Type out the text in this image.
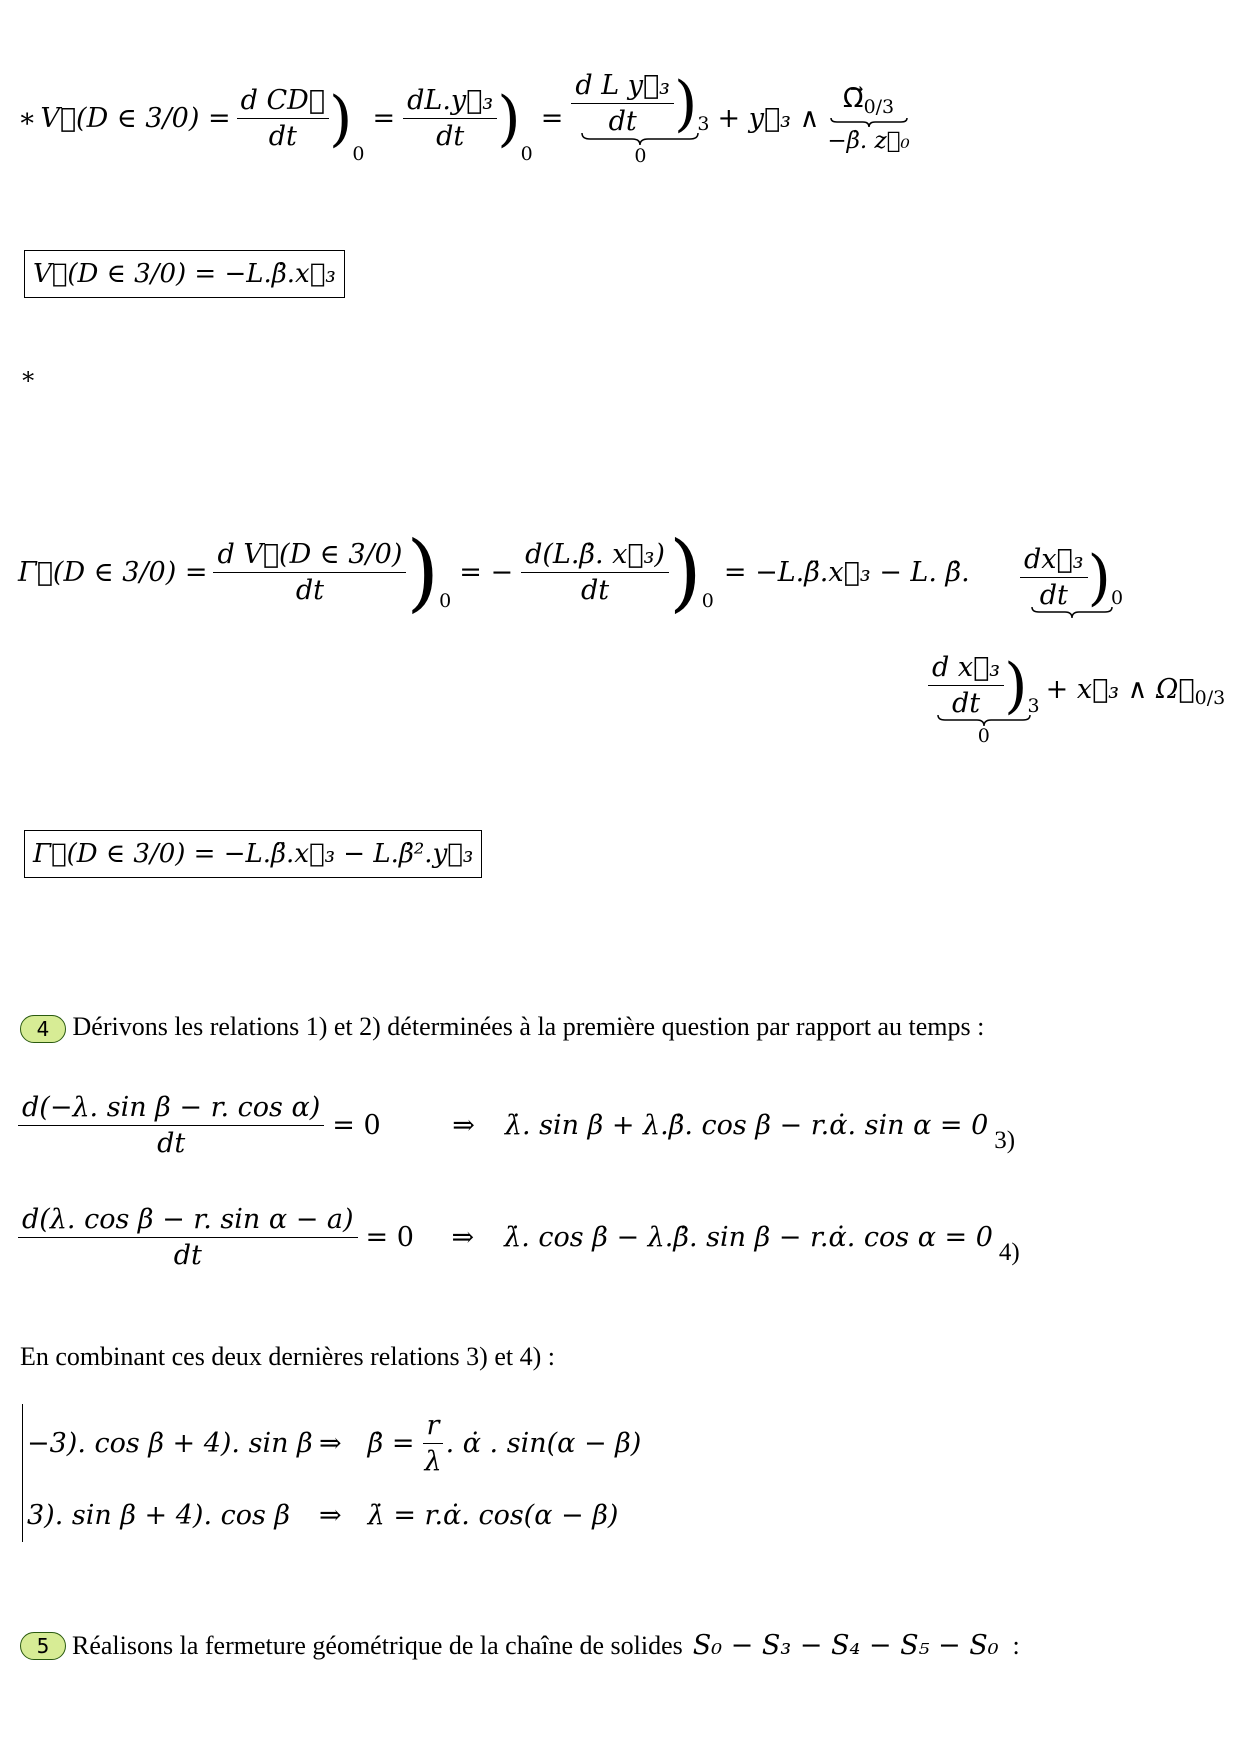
∗ V⃗(D ∈ $3/0) = \frac{\text{d CD⃗}}{dt}$ )
0
= $\frac{\text{dL.y⃗₃}}{dt}$ )
0
= $\frac{\text{d L y⃗₃}}{dt}$ ) 3
0
+ y⃗₃ ∧
$\Omega⃗_{0/3}$
−β̇. z⃗₀
V⃗(D ∈ 3/0) = −L.β̇.x⃗₃
∗
Γ⃗(D ∈ $3/0) = \frac{\text{d V⃗(D ∈ 3/0)}}{dt}$ ) 0
= − $\frac{\text{d(L.β̇. x⃗₃)}}{dt}$ ) 0
= −L.β̈.x⃗₃ − L. β̇. $\frac{\text{dx⃗₃}}{dt}$ ) 0
$\frac{\text{d x⃗₃}}{dt}$ ) 3
0
+ x⃗₃ ∧ $\Omega⃗_{0/3}$
Γ⃗(D ∈ 3/0) = −L.β̈.x⃗₃ − L.β̇².y⃗₃
4 Dérivons les relations 1) et 2) déterminées à la première question par rapport au temps :
$\frac{\text{d(−λ. sin β − r. cos α)}}{dt} = 0$	⇒ λ̇. sin β + λ.β̇. cos β − r.α̇. sin α = 0 3)
$\frac{\text{d(λ. cos β − r. sin α − a)}}{dt} = 0$	⇒ λ̇. cos β − λ.β̇. sin β − r.α̇. cos α = 0 4)
En combinant ces deux dernières relations 3) et 4) :
−3). cos β + 4). sin β ⇒ β̇ = $\frac{r}{\lambda}$ . α̇ . sin(α − β)
3). sin β + 4). cos β	⇒ λ̇ = r.α̇. cos(α − β)
5 Réalisons la fermeture géométrique de la chaîne de solides S₀ − S₃ − S₄ − S₅ − S₀ :
